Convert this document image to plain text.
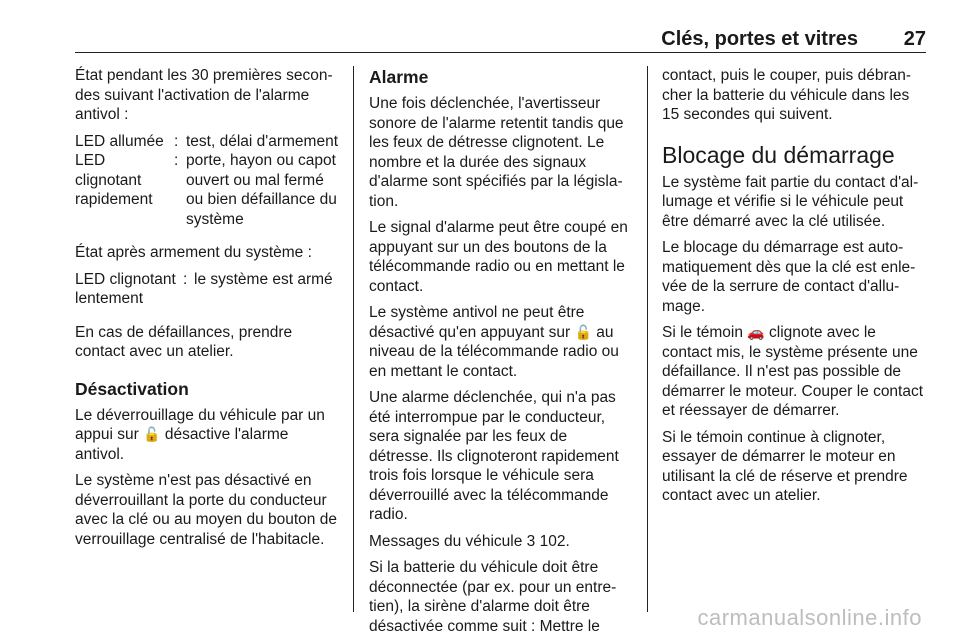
Clés, portes et vitres 27

État pendant les 30 premières secondes suivant l'activation de l'alarme antivol :

LED allumée : test, délai d'armement
LED clignotant rapidement
: porte, hayon ou capot ouvert ou mal fermé ou bien défaillance du système

État après armement du système :

LED clignotant lentement
: le système est armé

En cas de défaillances, prendre contact avec un atelier.

Désactivation

Le déverrouillage du véhicule par un appui sur 🔓 désactive l'alarme antivol.

Le système n'est pas désactivé en déverrouillant la porte du conducteur avec la clé ou au moyen du bouton de verrouillage centralisé de l'habitacle.

Alarme

Une fois déclenchée, l'avertisseur sonore de l'alarme retentit tandis que les feux de détresse clignotent. Le nombre et la durée des signaux d'alarme sont spécifiés par la législation.

Le signal d'alarme peut être coupé en appuyant sur un des boutons de la télécommande radio ou en mettant le contact.

Le système antivol ne peut être désactivé qu'en appuyant sur 🔓 au niveau de la télécommande radio ou en mettant le contact.

Une alarme déclenchée, qui n'a pas été interrompue par le conducteur, sera signalée par les feux de détresse. Ils clignoteront rapidement trois fois lorsque le véhicule sera déverrouillé avec la télécommande radio.

Messages du véhicule 3 102.

Si la batterie du véhicule doit être déconnectée (par ex. pour un entretien), la sirène d'alarme doit être désactivée comme suit : Mettre le

contact, puis le couper, puis débrancher la batterie du véhicule dans les 15 secondes qui suivent.

Blocage du démarrage

Le système fait partie du contact d'allumage et vérifie si le véhicule peut être démarré avec la clé utilisée.

Le blocage du démarrage est automatiquement dès que la clé est enlevée de la serrure de contact d'allumage.

Si le témoin 🚗 clignote avec le contact mis, le système présente une défaillance. Il n'est pas possible de démarrer le moteur. Couper le contact et réessayer de démarrer.

Si le témoin continue à clignoter, essayer de démarrer le moteur en utilisant la clé de réserve et prendre contact avec un atelier.

carmanualsonline.info
